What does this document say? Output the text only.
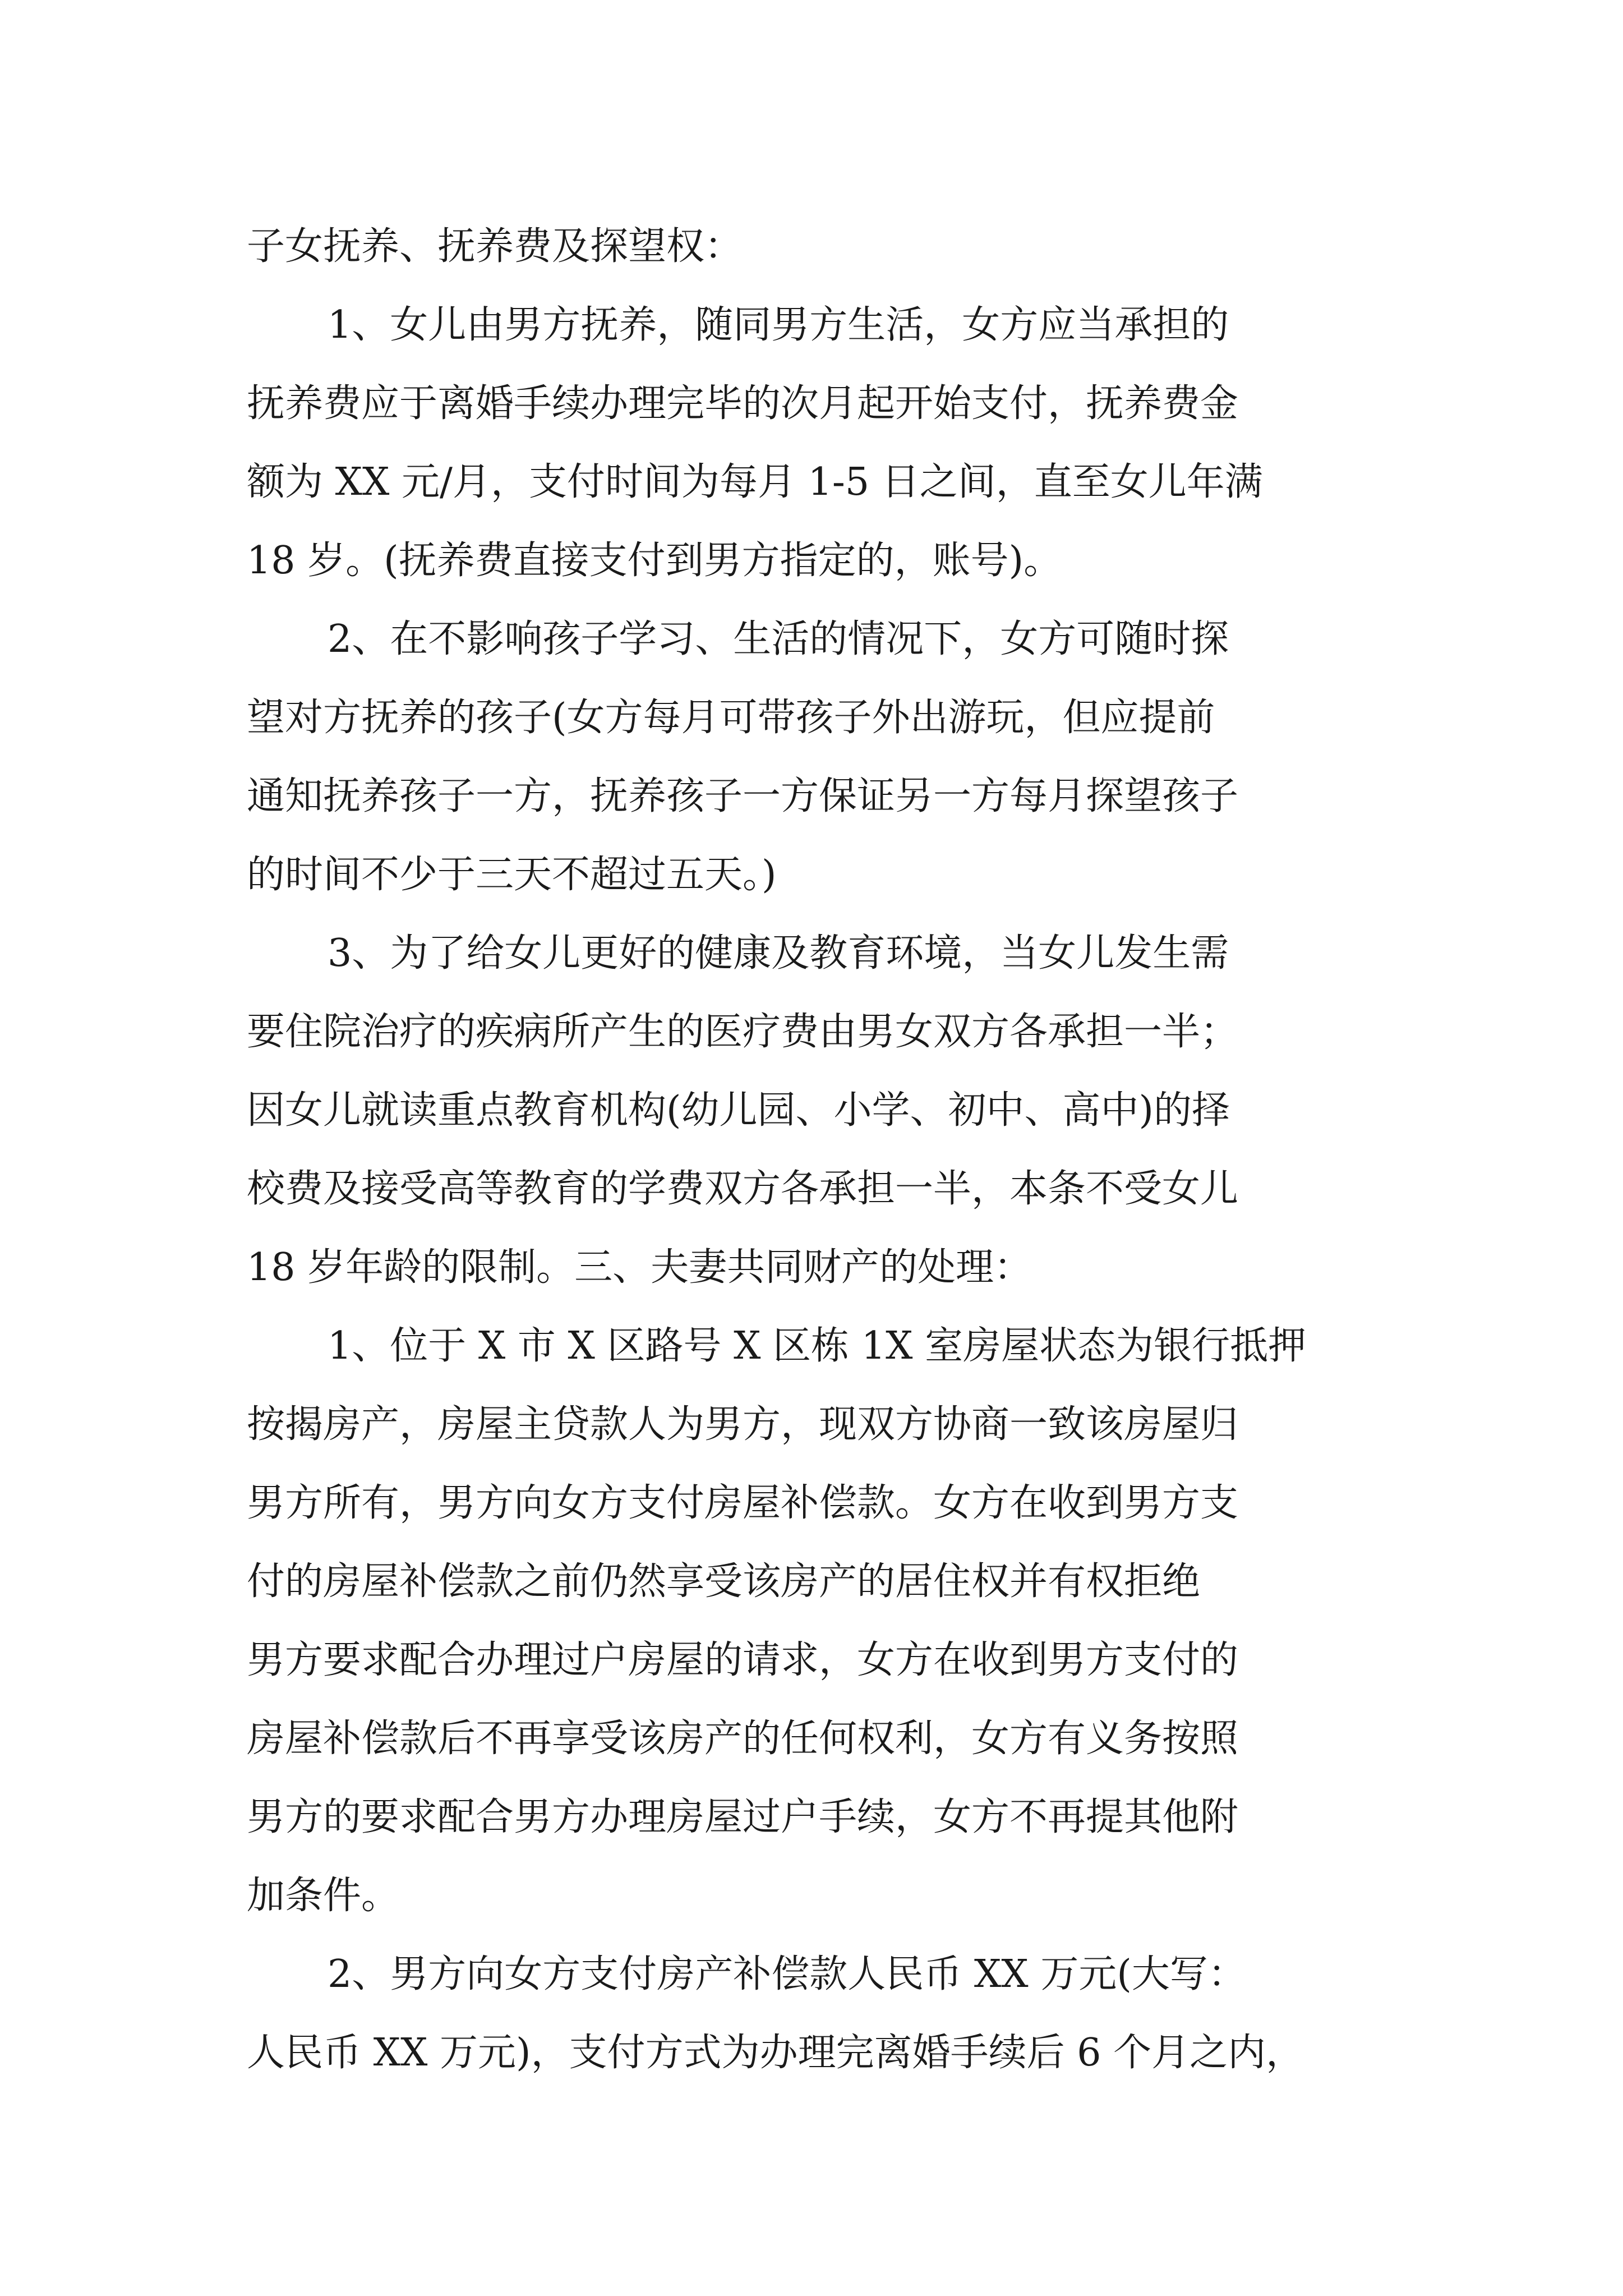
子女抚养、抚养费及探望权：
1、女儿由男方抚养，随同男方生活，女方应当承担的
抚养费应于离婚手续办理完毕的次月起开始支付，抚养费金
额为 XX 元/月，支付时间为每月 1-5 日之间，直至女儿年满
18 岁。(抚养费直接支付到男方指定的，账号)。
2、在不影响孩子学习、生活的情况下，女方可随时探
望对方抚养的孩子(女方每月可带孩子外出游玩，但应提前
通知抚养孩子一方，抚养孩子一方保证另一方每月探望孩子
的时间不少于三天不超过五天。)
3、为了给女儿更好的健康及教育环境，当女儿发生需
要住院治疗的疾病所产生的医疗费由男女双方各承担一半；
因女儿就读重点教育机构(幼儿园、小学、初中、高中)的择
校费及接受高等教育的学费双方各承担一半，本条不受女儿
18 岁年龄的限制。三、夫妻共同财产的处理：
1、位于 X 市 X 区路号 X 区栋 1X 室房屋状态为银行抵押
按揭房产，房屋主贷款人为男方，现双方协商一致该房屋归
男方所有，男方向女方支付房屋补偿款。女方在收到男方支
付的房屋补偿款之前仍然享受该房产的居住权并有权拒绝
男方要求配合办理过户房屋的请求，女方在收到男方支付的
房屋补偿款后不再享受该房产的任何权利，女方有义务按照
男方的要求配合男方办理房屋过户手续，女方不再提其他附
加条件。
2、男方向女方支付房产补偿款人民币 XX 万元(大写：
人民币 XX 万元)，支付方式为办理完离婚手续后 6 个月之内，
